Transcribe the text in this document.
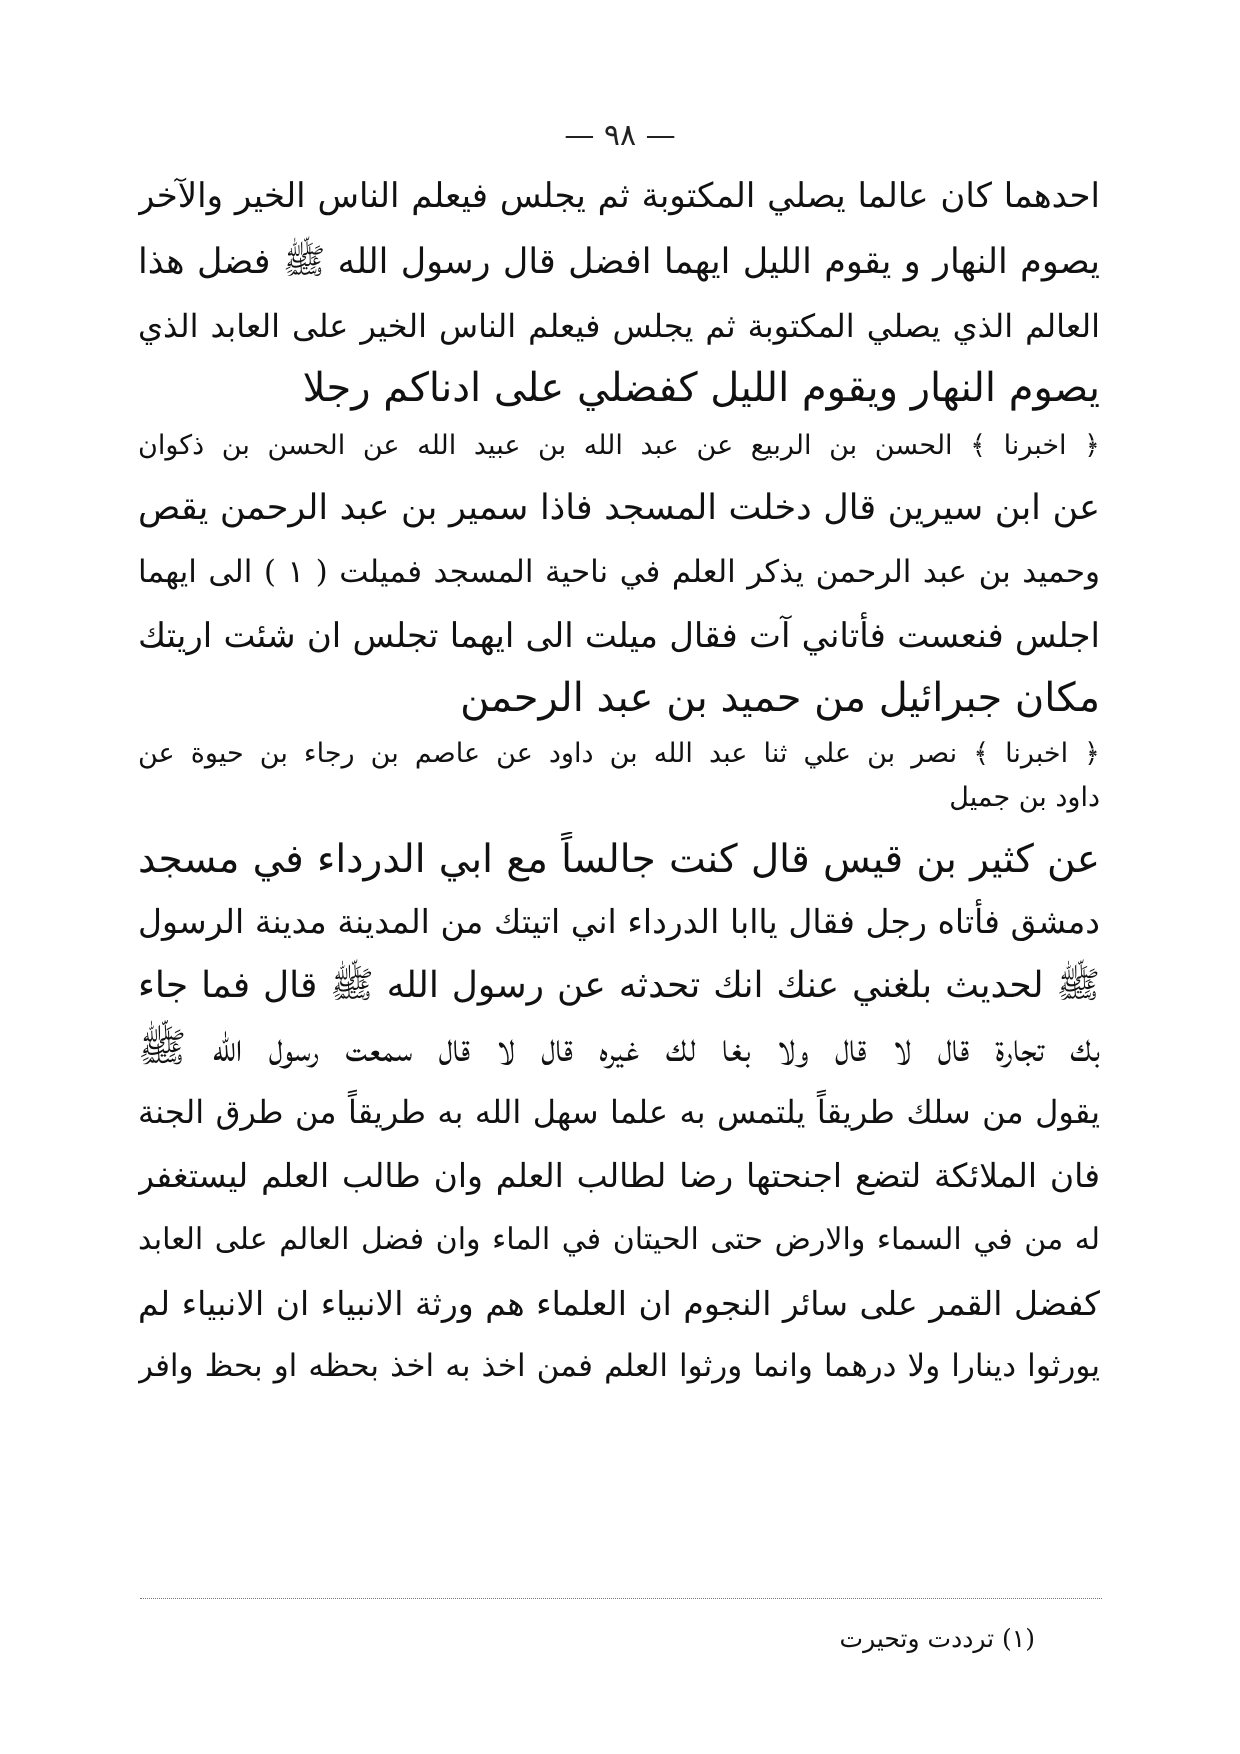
— ٩٨ —
احدهما كان عالما يصلي المكتوبة ثم يجلس فيعلم الناس الخير والآخر
يصوم النهار و يقوم الليل ايهما افضل قال رسول الله ﷺ فضل هذا
العالم الذي يصلي المكتوبة ثم يجلس فيعلم الناس الخير على العابد الذي
يصوم النهار ويقوم الليل كفضلي على ادناكم رجلا
﴿ اخبرنا ﴾ الحسن بن الربيع عن عبد الله بن عبيد الله عن الحسن بن ذكوان
عن ابن سيرين قال دخلت المسجد فاذا سمير بن عبد الرحمن يقص
وحميد بن عبد الرحمن يذكر العلم في ناحية المسجد فميلت ( ١ ) الى ايهما
اجلس فنعست فأتاني آت فقال ميلت الى ايهما تجلس ان شئت اريتك
مكان جبرائيل من حميد بن عبد الرحمن
﴿ اخبرنا ﴾ نصر بن علي ثنا عبد الله بن داود عن عاصم بن رجاء بن حيوة عن
داود بن جميل
عن كثير بن قيس قال كنت جالساً مع ابي الدرداء في مسجد
دمشق فأتاه رجل فقال ياابا الدرداء اني اتيتك من المدينة مدينة الرسول
ﷺ لحديث بلغني عنك انك تحدثه عن رسول الله ﷺ قال فما جاء
بك تجارة قال لا قال ولا بغا لك غيره قال لا قال سمعت رسول الله ﷺ
يقول من سلك طريقاً يلتمس به علما سهل الله به طريقاً من طرق الجنة
فان الملائكة لتضع اجنحتها رضا لطالب العلم وان طالب العلم ليستغفر
له من في السماء والارض حتى الحيتان في الماء وان فضل العالم على العابد
كفضل القمر على سائر النجوم ان العلماء هم ورثة الانبياء ان الانبياء لم
يورثوا دينارا ولا درهما وانما ورثوا العلم فمن اخذ به اخذ بحظه او بحظ وافر
(١) ترددت وتحيرت
